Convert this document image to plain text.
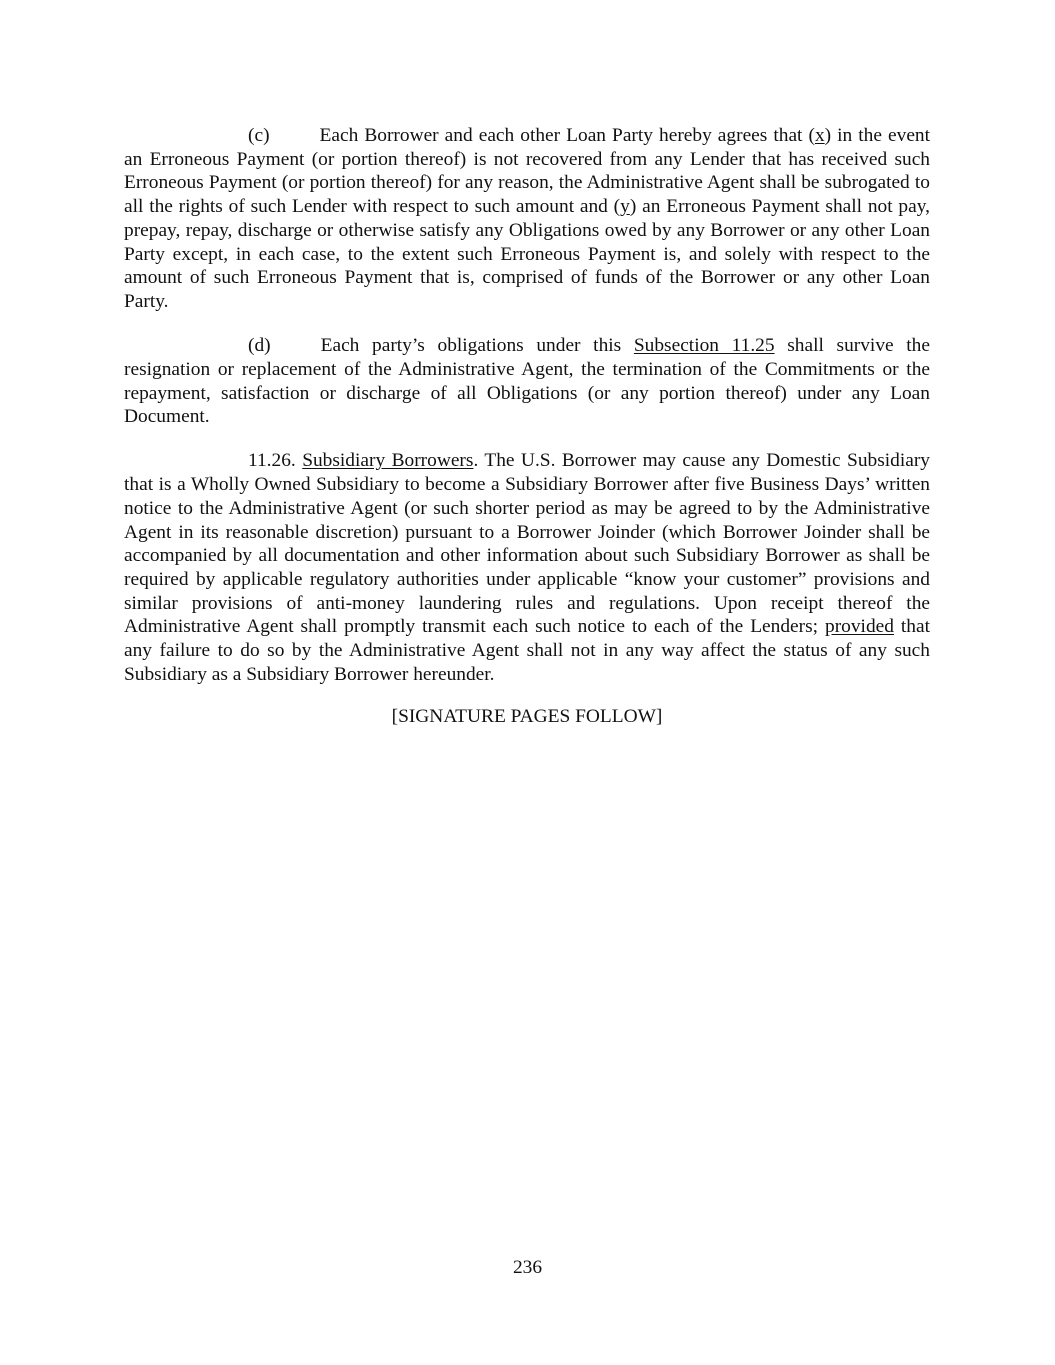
(c)	Each Borrower and each other Loan Party hereby agrees that (x) in the event an Erroneous Payment (or portion thereof) is not recovered from any Lender that has received such Erroneous Payment (or portion thereof) for any reason, the Administrative Agent shall be subrogated to all the rights of such Lender with respect to such amount and (y) an Erroneous Payment shall not pay, prepay, repay, discharge or otherwise satisfy any Obligations owed by any Borrower or any other Loan Party except, in each case, to the extent such Erroneous Payment is, and solely with respect to the amount of such Erroneous Payment that is, comprised of funds of the Borrower or any other Loan Party.

(d)	Each party’s obligations under this Subsection 11.25 shall survive the resignation or replacement of the Administrative Agent, the termination of the Commitments or the repayment, satisfaction or discharge of all Obligations (or any portion thereof) under any Loan Document.

11.26. Subsidiary Borrowers. The U.S. Borrower may cause any Domestic Subsidiary that is a Wholly Owned Subsidiary to become a Subsidiary Borrower after five Business Days’ written notice to the Administrative Agent (or such shorter period as may be agreed to by the Administrative Agent in its reasonable discretion) pursuant to a Borrower Joinder (which Borrower Joinder shall be accompanied by all documentation and other information about such Subsidiary Borrower as shall be required by applicable regulatory authorities under applicable “know your customer” provisions and similar provisions of anti-money laundering rules and regulations. Upon receipt thereof the Administrative Agent shall promptly transmit each such notice to each of the Lenders; provided that any failure to do so by the Administrative Agent shall not in any way affect the status of any such Subsidiary as a Subsidiary Borrower hereunder.

[SIGNATURE PAGES FOLLOW]

236
